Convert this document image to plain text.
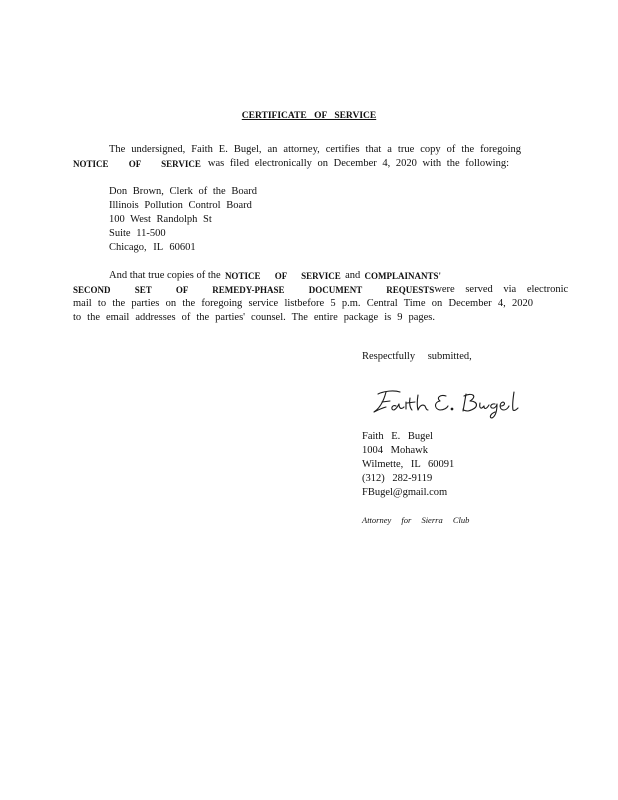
CERTIFICATE OF SERVICE
The undersigned, Faith E. Bugel, an attorney, certifies that a true copy of the foregoing
NOTICE OF SERVICE was filed electronically on December 4, 2020 with the following:
Don Brown, Clerk of the Board
Illinois Pollution Control Board
100 West Randolph St
Suite 11-500
Chicago, IL 60601
And that true copies of the NOTICE OF SERVICE and COMPLAINANTS'
SECOND SET OF REMEDY-PHASE DOCUMENT REQUESTS were served via electronic
mail to the parties on the foregoing service listbefore 5 p.m. Central Time on December 4, 2020
to the email addresses of the parties' counsel. The entire package is 9 pages.
Respectfully submitted,
Faith E. Bugel
1004 Mohawk
Wilmette, IL 60091
(312) 282-9119
FBugel@gmail.com
Attorney for Sierra Club
